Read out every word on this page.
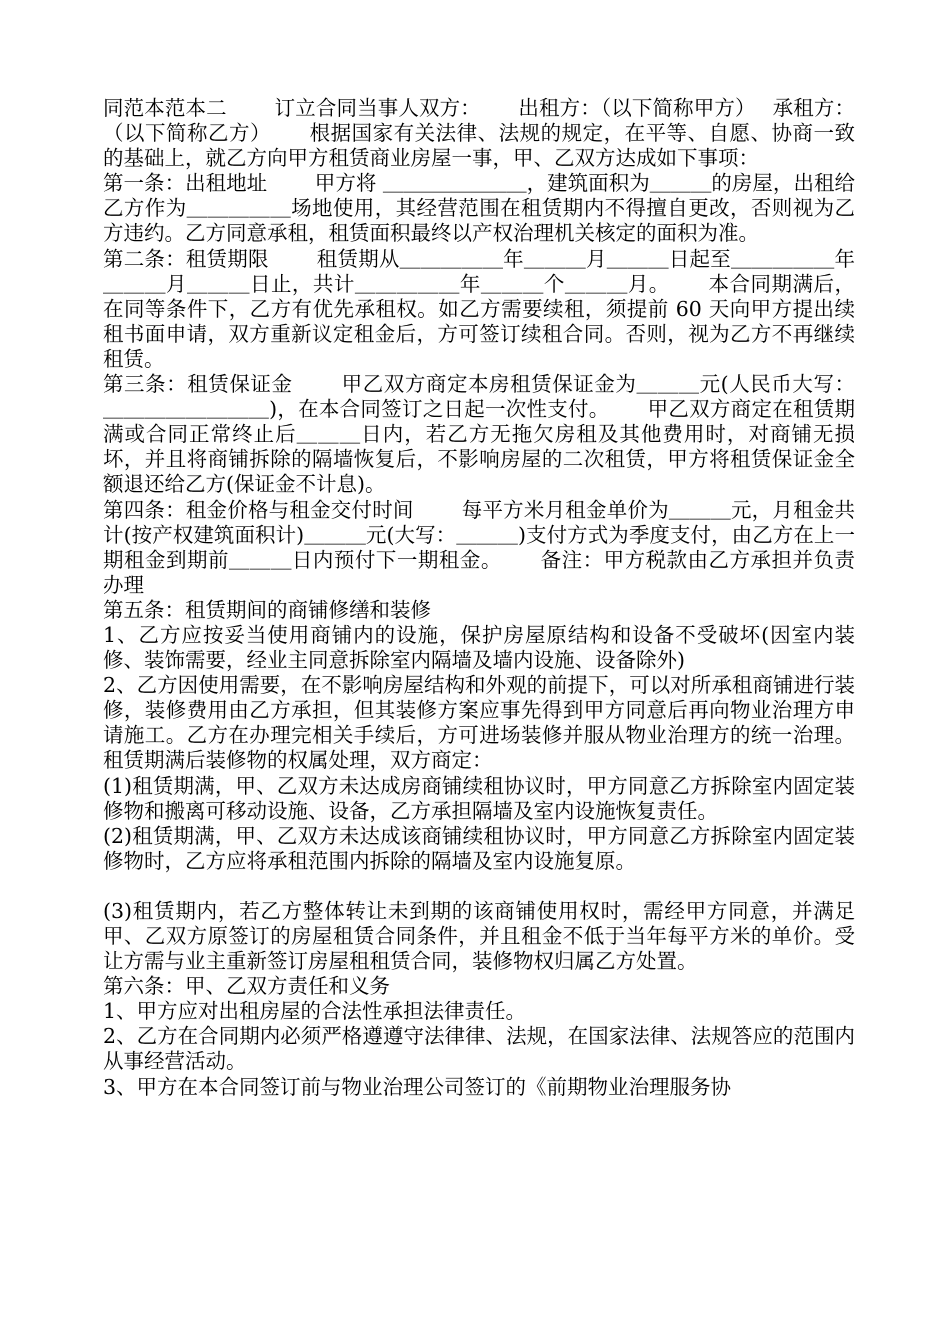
同范本范本二　　 订立合同当事人双方：　　 出租方：（以下简称甲方）　 承租方：（以下简称乙方）　　 根据国家有关法律、法规的规定，在平等、自愿、协商一致的基础上，就乙方向甲方租赁商业房屋一事，甲、乙双方达成如下事项：

第一条：出租地址　　 甲方将 ＿＿＿＿＿＿＿，建筑面积为＿＿＿的房屋，出租给乙方作为＿＿＿＿＿场地使用，其经营范围在租赁期内不得擅自更改，否则视为乙方违约。乙方同意承租，租赁面积最终以产权治理机关核定的面积为准。

第二条：租赁期限　　 租赁期从＿＿＿＿＿年＿＿＿月＿＿＿日起至＿＿＿＿＿年＿＿＿月＿＿＿日止，共计＿＿＿＿＿年＿＿＿个＿＿＿月。　　 本合同期满后，在同等条件下，乙方有优先承租权。如乙方需要续租，须提前 60 天向甲方提出续租书面申请，双方重新议定租金后，方可签订续租合同。否则，视为乙方不再继续租赁。

第三条：租赁保证金　　 甲乙双方商定本房租赁保证金为＿＿＿元(人民币大写：＿＿＿＿＿＿＿＿)，在本合同签订之日起一次性支付。　　 甲乙双方商定在租赁期满或合同正常终止后＿＿＿日内，若乙方无拖欠房租及其他费用时，对商铺无损坏，并且将商铺拆除的隔墙恢复后，不影响房屋的二次租赁，甲方将租赁保证金全额退还给乙方(保证金不计息)。

第四条：租金价格与租金交付时间　　 每平方米月租金单价为＿＿＿元，月租金共计(按产权建筑面积计)＿＿＿元(大写：＿＿＿)支付方式为季度支付，由乙方在上一期租金到期前＿＿＿日内预付下一期租金。　　 备注：甲方税款由乙方承担并负责办理

第五条：租赁期间的商铺修缮和装修

1、乙方应按妥当使用商铺内的设施，保护房屋原结构和设备不受破坏(因室内装修、装饰需要，经业主同意拆除室内隔墙及墙内设施、设备除外)

2、乙方因使用需要，在不影响房屋结构和外观的前提下，可以对所承租商铺进行装修，装修费用由乙方承担，但其装修方案应事先得到甲方同意后再向物业治理方申请施工。乙方在办理完相关手续后，方可进场装修并服从物业治理方的统一治理。租赁期满后装修物的权属处理，双方商定：

(1)租赁期满，甲、乙双方未达成房商铺续租协议时，甲方同意乙方拆除室内固定装修物和搬离可移动设施、设备，乙方承担隔墙及室内设施恢复责任。

(2)租赁期满，甲、乙双方未达成该商铺续租协议时，甲方同意乙方拆除室内固定装修物时，乙方应将承租范围内拆除的隔墙及室内设施复原。

(3)租赁期内，若乙方整体转让未到期的该商铺使用权时，需经甲方同意，并满足甲、乙双方原签订的房屋租赁合同条件，并且租金不低于当年每平方米的单价。受让方需与业主重新签订房屋租租赁合同，装修物权归属乙方处置。

第六条：甲、乙双方责任和义务

1、甲方应对出租房屋的合法性承担法律责任。

2、乙方在合同期内必须严格遵遵守法律律、法规，在国家法律、法规答应的范围内从事经营活动。

3、甲方在本合同签订前与物业治理公司签订的《前期物业治理服务协
